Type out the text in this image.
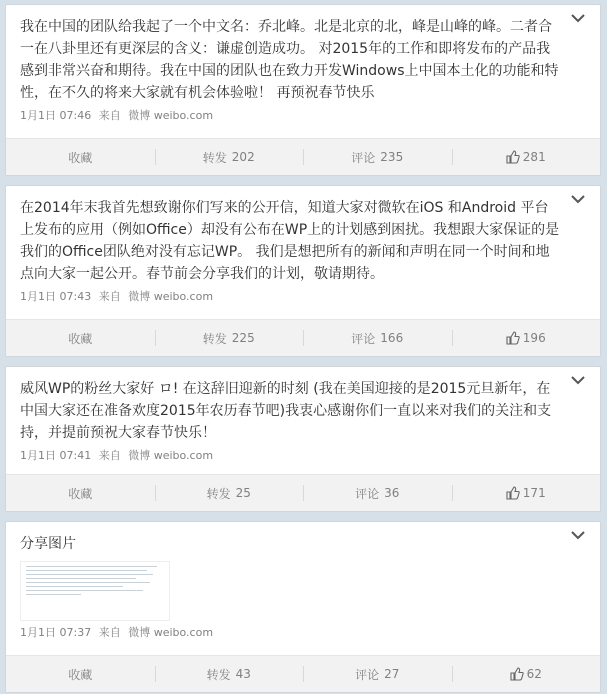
我在中国的团队给我起了一个中文名：乔北峰。北是北京的北，峰是山峰的峰。二者合一在八卦里还有更深层的含义：谦虚创造成功。 对2015年的工作和即将发布的产品我感到非常兴奋和期待。我在中国的团队也在致力开发Windows上中国本土化的功能和特性，在不久的将来大家就有机会体验啦！ 再预祝春节快乐

1月1日 07:46 来自 微博 weibo.com
收藏	转发 202	评论 235	281

在2014年末我首先想致谢你们写来的公开信，知道大家对微软在iOS 和Android 平台上发布的应用（例如Office）却没有公布在WP上的计划感到困扰。我想跟大家保证的是我们的Office团队绝对没有忘记WP。 我们是想把所有的新闻和声明在同一个时间和地点向大家一起公开。春节前会分享我们的计划，敬请期待。

1月1日 07:43 来自 微博 weibo.com
收藏	转发 225	评论 166	196

威风WP的粉丝大家好 ロ! 在这辞旧迎新的时刻 (我在美国迎接的是2015元旦新年，在中国大家还在准备欢度2015年农历春节吧)我衷心感谢你们一直以来对我们的关注和支持，并提前预祝大家春节快乐！

1月1日 07:41 来自 微博 weibo.com
收藏	转发 25	评论 36	171

分享图片

1月1日 07:37 来自 微博 weibo.com
收藏	转发 43	评论 27	62
